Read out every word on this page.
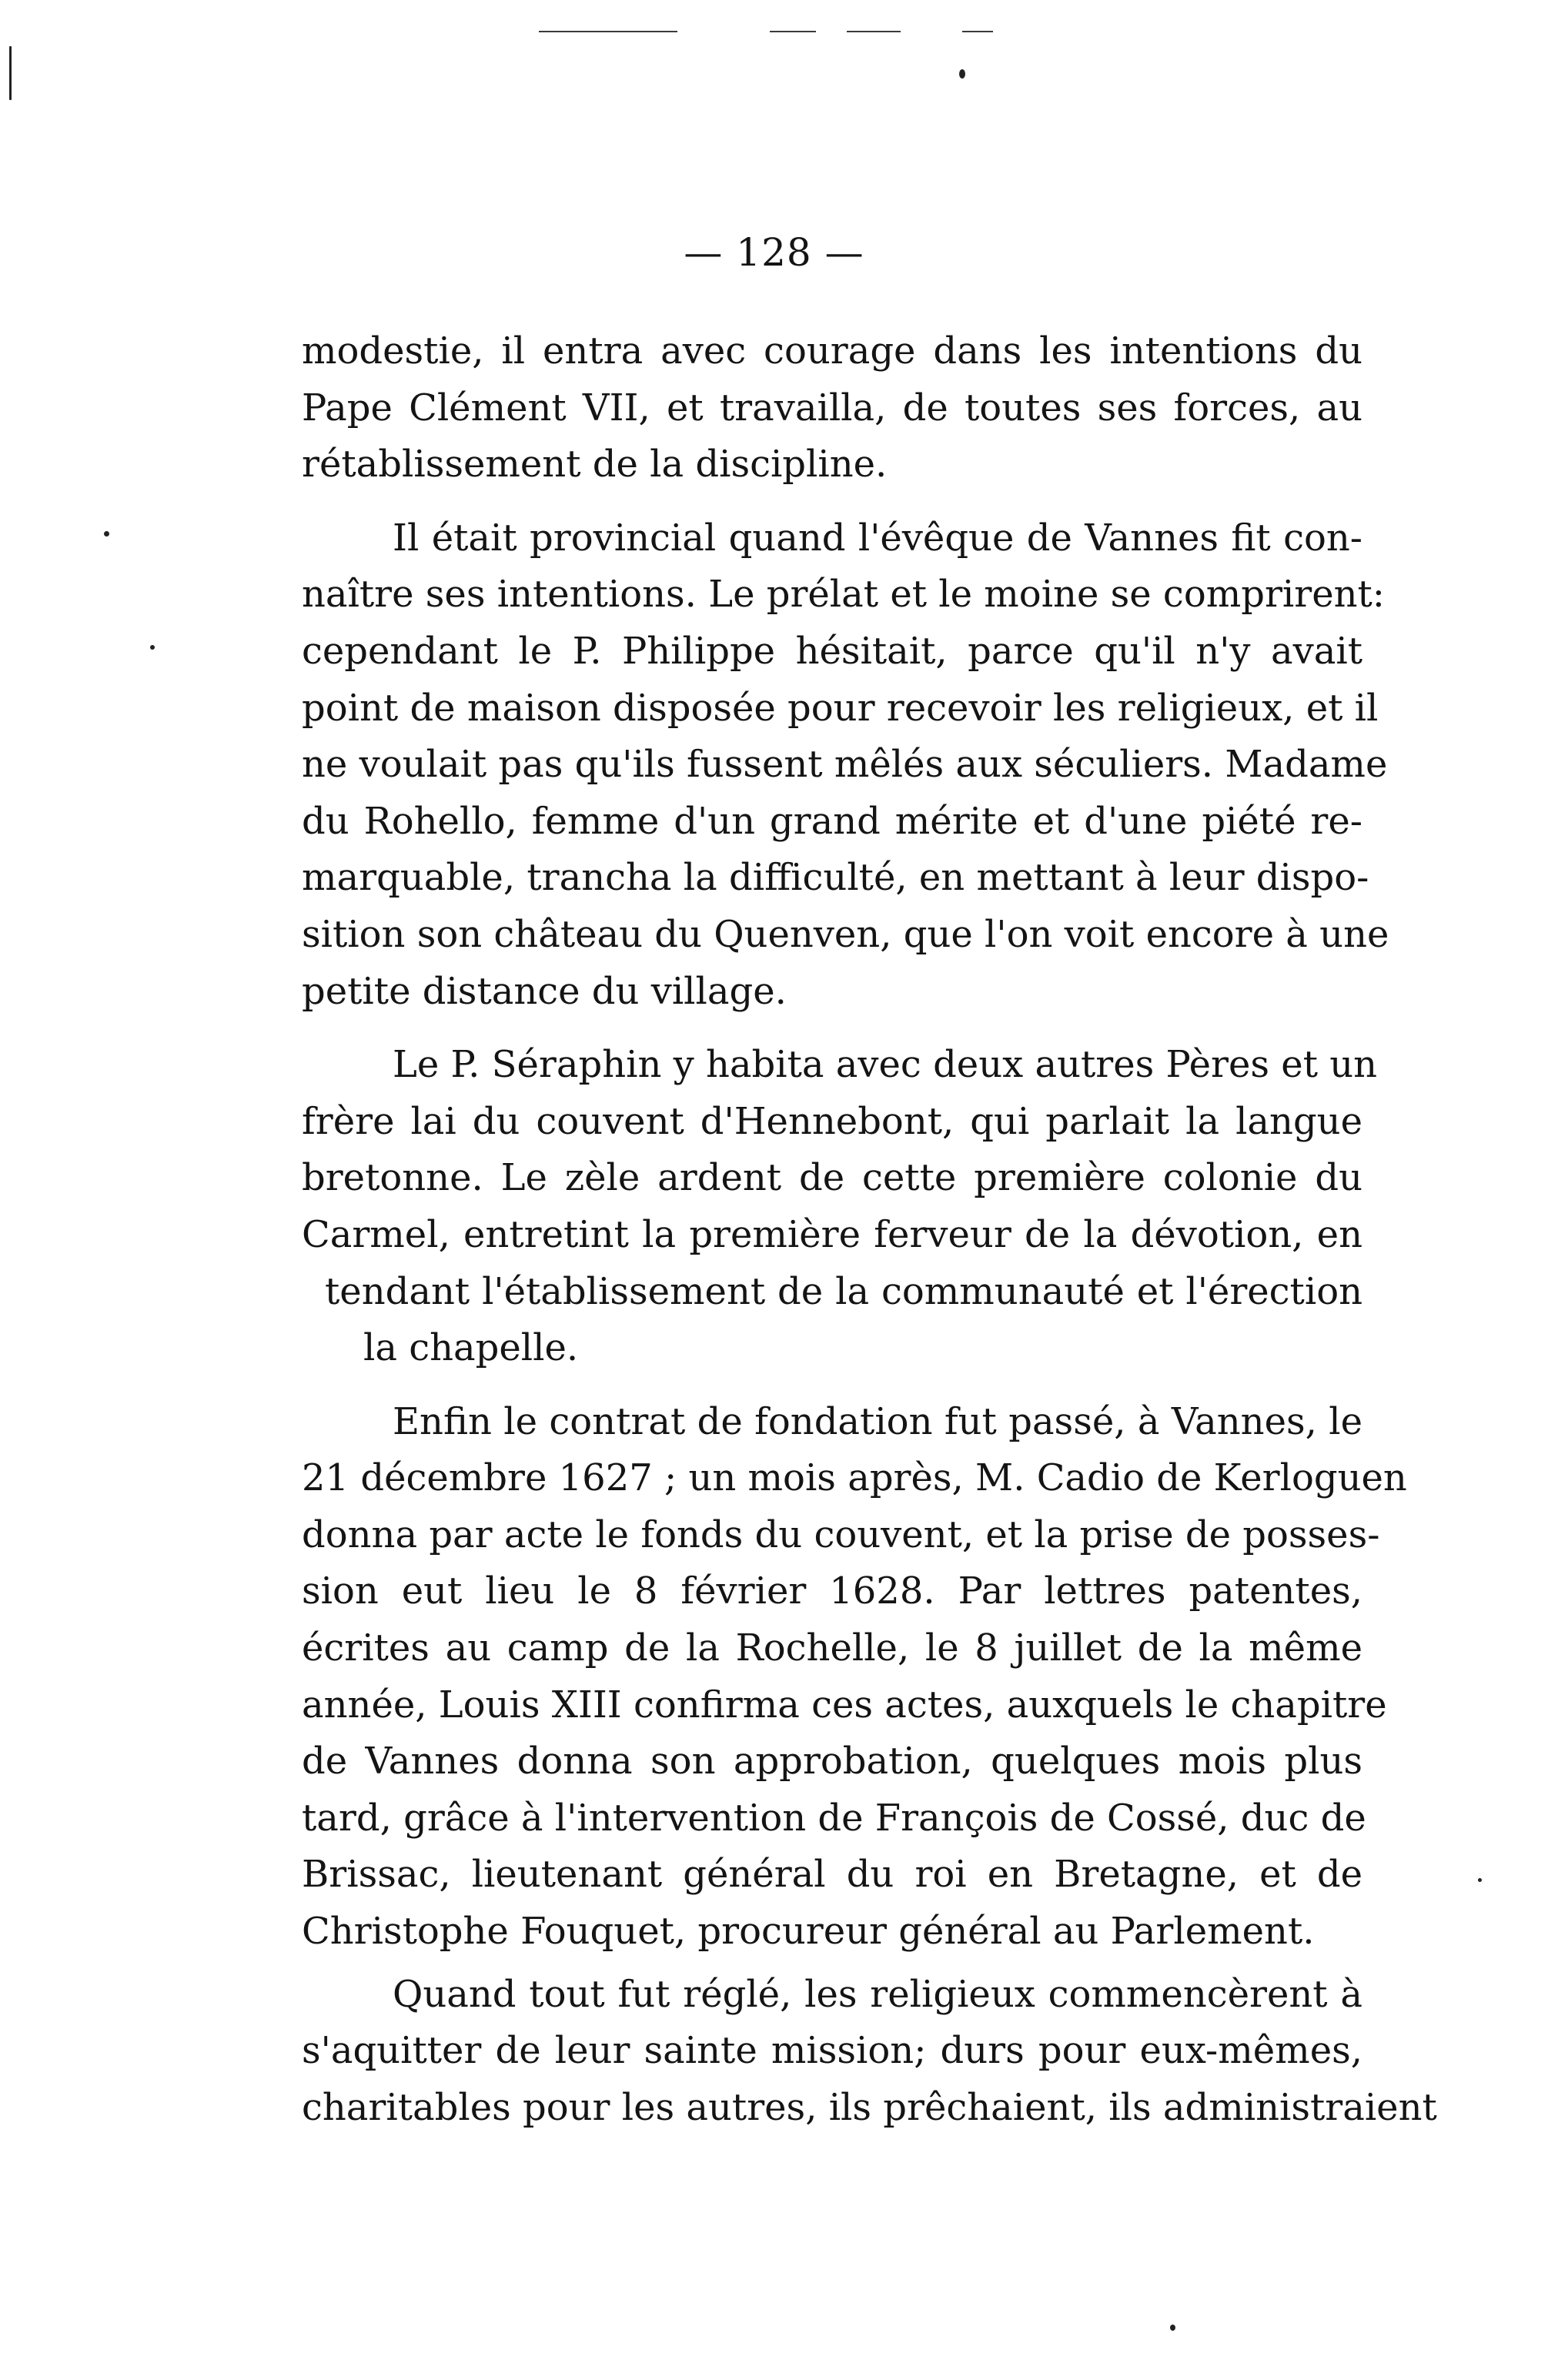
— 128 —
modestie, il entra avec courage dans les intentions du
Pape Clément VII, et travailla, de toutes ses forces, au
rétablissement de la discipline.
Il était provincial quand l'évêque de Vannes fit con-
naître ses intentions. Le prélat et le moine se comprirent:
cependant le P. Philippe hésitait, parce qu'il n'y avait
point de maison disposée pour recevoir les religieux, et il
ne voulait pas qu'ils fussent mêlés aux séculiers. Madame
du Rohello, femme d'un grand mérite et d'une piété re-
marquable, trancha la difficulté, en mettant à leur dispo-
sition son château du Quenven, que l'on voit encore à une
petite distance du village.
Le P. Séraphin y habita avec deux autres Pères et un
frère lai du couvent d'Hennebont, qui parlait la langue
bretonne. Le zèle ardent de cette première colonie du
Carmel, entretint la première ferveur de la dévotion, en
tendant l'établissement de la communauté et l'érection
la chapelle.
Enfin le contrat de fondation fut passé, à Vannes, le
21 décembre 1627 ; un mois après, M. Cadio de Kerloguen
donna par acte le fonds du couvent, et la prise de posses-
sion eut lieu le 8 février 1628. Par lettres patentes,
écrites au camp de la Rochelle, le 8 juillet de la même
année, Louis XIII confirma ces actes, auxquels le chapitre
de Vannes donna son approbation, quelques mois plus
tard, grâce à l'intervention de François de Cossé, duc de
Brissac, lieutenant général du roi en Bretagne, et de
Christophe Fouquet, procureur général au Parlement.
Quand tout fut réglé, les religieux commencèrent à
s'aquitter de leur sainte mission; durs pour eux-mêmes,
charitables pour les autres, ils prêchaient, ils administraient
